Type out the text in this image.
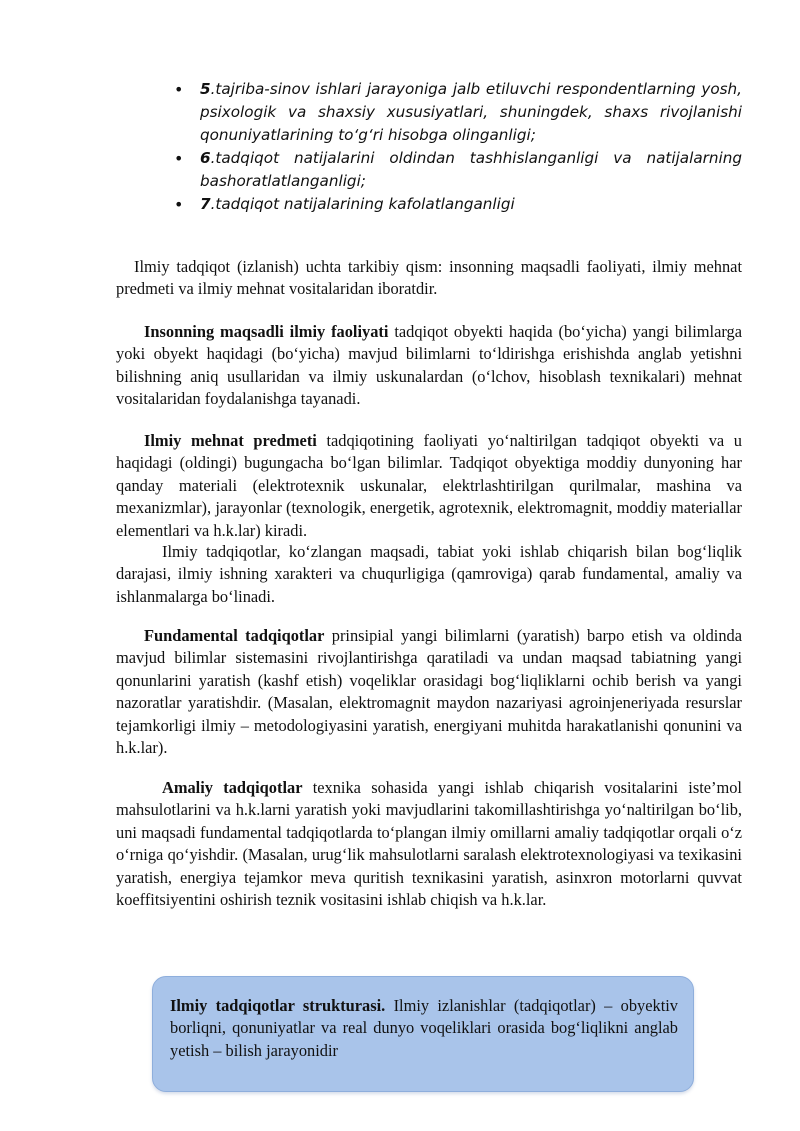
• 5.tajriba-sinov ishlari jarayoniga jalb etiluvchi respondentlarning yosh, psixologik va shaxsiy xususiyatlari, shuningdek, shaxs rivojlanishi qonuniyatlarining to‘g‘ri hisobga olinganligi;
• 6.tadqiqot natijalarini oldindan tashhislanganligi va natijalarning bashoratlatlanganligi;
• 7.tadqiqot natijalarining kafolatlanganligi

Ilmiy tadqiqot (izlanish) uchta tarkibiy qism: insonning maqsadli faoliyati, ilmiy mehnat predmeti va ilmiy mehnat vositalaridan iboratdir.

Insonning maqsadli ilmiy faoliyati tadqiqot obyekti haqida (bo‘yicha) yangi bilimlarga yoki obyekt haqidagi (bo‘yicha) mavjud bilimlarni to‘ldirishga erishishda anglab yetishni bilishning aniq usullaridan va ilmiy uskunalardan (o‘lchov, hisoblash texnikalari) mehnat vositalaridan foydalanishga tayanadi.

Ilmiy mehnat predmeti tadqiqotining faoliyati yo‘naltirilgan tadqiqot obyekti va u haqidagi (oldingi) bugungacha bo‘lgan bilimlar. Tadqiqot obyektiga moddiy dunyoning har qanday materiali (elektrotexnik uskunalar, elektrlashtirilgan qurilmalar, mashina va mexanizmlar), jarayonlar (texnologik, energetik, agrotexnik, elektromagnit, moddiy materiallar elementlari va h.k.lar) kiradi.

Ilmiy tadqiqotlar, ko‘zlangan maqsadi, tabiat yoki ishlab chiqarish bilan bog‘liqlik darajasi, ilmiy ishning xarakteri va chuqurligiga (qamroviga) qarab fundamental, amaliy va ishlanmalarga bo‘linadi.

Fundamental tadqiqotlar prinsipial yangi bilimlarni (yaratish) barpo etish va oldinda mavjud bilimlar sistemasini rivojlantirishga qaratiladi va undan maqsad tabiatning yangi qonunlarini yaratish (kashf etish) voqeliklar orasidagi bog‘liqliklarni ochib berish va yangi nazoratlar yaratishdir. (Masalan, elektromagnit maydon nazariyasi agroinjeneriyada resurslar tejamkorligi ilmiy – metodologiyasini yaratish, energiyani muhitda harakatlanishi qonunini va h.k.lar).

Amaliy tadqiqotlar texnika sohasida yangi ishlab chiqarish vositalarini iste’mol mahsulotlarini va h.k.larni yaratish yoki mavjudlarini takomillashtirishga yo‘naltirilgan bo‘lib, uni maqsadi fundamental tadqiqotlarda to‘plangan ilmiy omillarni amaliy tadqiqotlar orqali o‘z o‘rniga qo‘yishdir. (Masalan, urug‘lik mahsulotlarni saralash elektrotexnologiyasi va texikasini yaratish, energiya tejamkor meva quritish texnikasini yaratish, asinxron motorlarni quvvat koeffitsiyentini oshirish teznik vositasini ishlab chiqish va h.k.lar.

Ilmiy tadqiqotlar strukturasi. Ilmiy izlanishlar (tadqiqotlar) – obyektiv borliqni, qonuniyatlar va real dunyo voqeliklari orasida bog‘liqlikni anglab yetish – bilish jarayonidir
